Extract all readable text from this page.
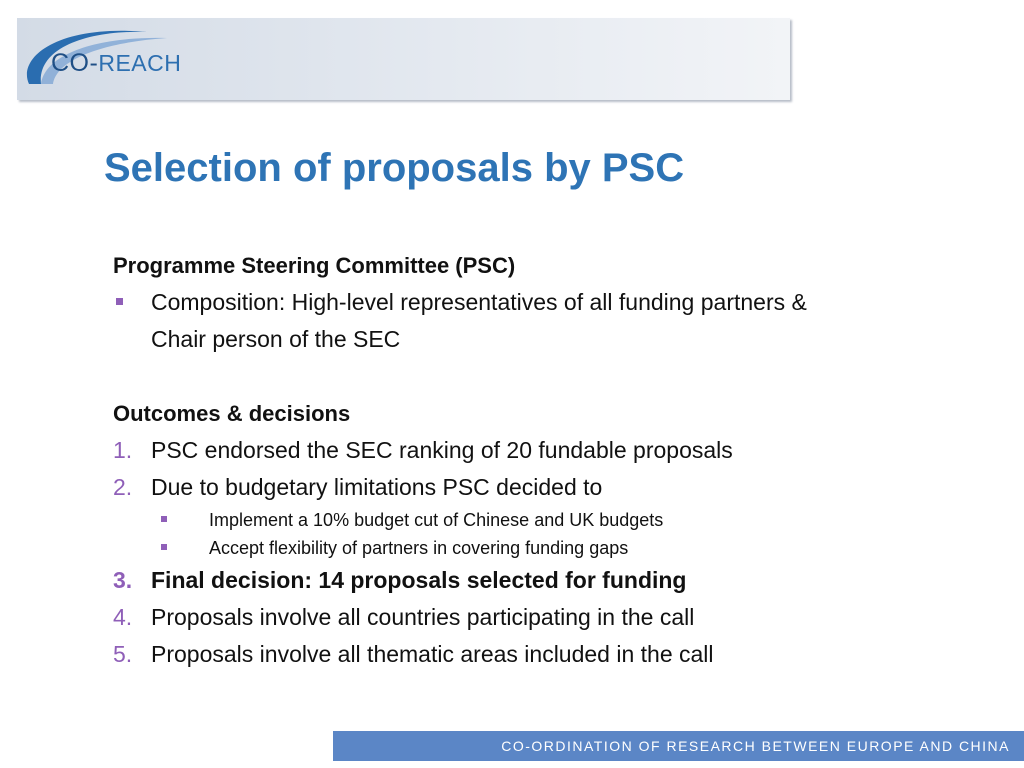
CO-REACH
Selection of proposals by PSC
Programme Steering Committee (PSC)
Composition: High-level representatives of all funding partners &
Chair person of the SEC
Outcomes & decisions
1. PSC endorsed the SEC ranking of 20 fundable proposals
2. Due to budgetary limitations PSC decided to
Implement a 10% budget cut of Chinese and UK budgets
Accept flexibility of partners in covering funding gaps
3. Final decision: 14 proposals selected for funding
4. Proposals involve all countries participating in the call
5. Proposals involve all thematic areas included in the call
CO-ORDINATION OF RESEARCH BETWEEN EUROPE AND CHINA
